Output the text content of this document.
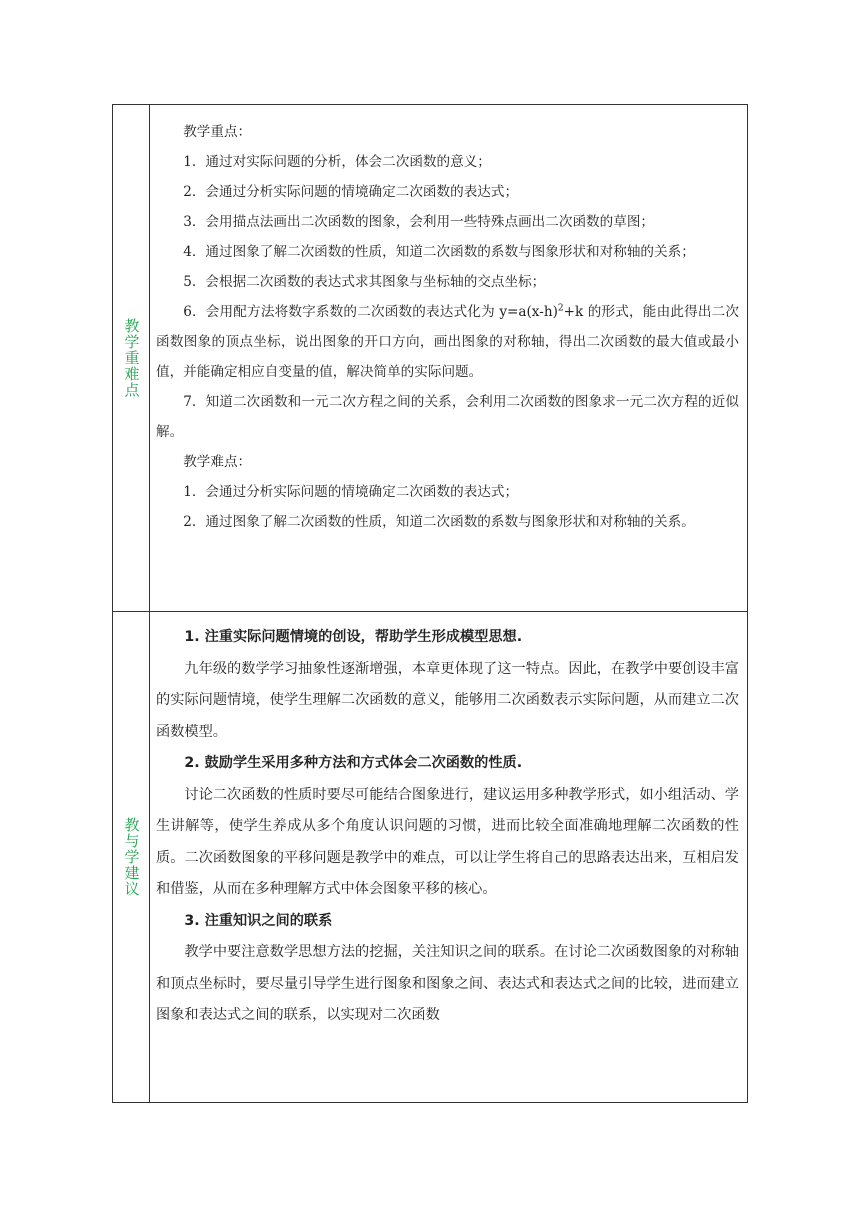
教学重难点

教学重点：

1．通过对实际问题的分析，体会二次函数的意义；

2．会通过分析实际问题的情境确定二次函数的表达式；

3．会用描点法画出二次函数的图象，会利用一些特殊点画出二次函数的草图；

4．通过图象了解二次函数的性质，知道二次函数的系数与图象形状和对称轴的关系；

5．会根据二次函数的表达式求其图象与坐标轴的交点坐标；

6．会用配方法将数字系数的二次函数的表达式化为 $y=a(x-h)^2+k$ 的形式，能由此得出二次函数图象的顶点坐标，说出图象的开口方向，画出图象的对称轴，得出二次函数的最大值或最小值，并能确定相应自变量的值，解决简单的实际问题。

7．知道二次函数和一元二次方程之间的关系，会利用二次函数的图象求一元二次方程的近似解。

教学难点：

1．会通过分析实际问题的情境确定二次函数的表达式；

2．通过图象了解二次函数的性质，知道二次函数的系数与图象形状和对称轴的关系。

教与学建议

1. 注重实际问题情境的创设，帮助学生形成模型思想.

九年级的数学学习抽象性逐渐增强，本章更体现了这一特点。因此，在教学中要创设丰富的实际问题情境，使学生理解二次函数的意义，能够用二次函数表示实际问题，从而建立二次函数模型。

2. 鼓励学生采用多种方法和方式体会二次函数的性质.

讨论二次函数的性质时要尽可能结合图象进行，建议运用多种教学形式，如小组活动、学生讲解等，使学生养成从多个角度认识问题的习惯，进而比较全面准确地理解二次函数的性质。二次函数图象的平移问题是教学中的难点，可以让学生将自己的思路表达出来，互相启发和借鉴，从而在多种理解方式中体会图象平移的核心。

3. 注重知识之间的联系

教学中要注意数学思想方法的挖掘，关注知识之间的联系。在讨论二次函数图象的对称轴和顶点坐标时，要尽量引导学生进行图象和图象之间、表达式和表达式之间的比较，进而建立图象和表达式之间的联系，以实现对二次函数
